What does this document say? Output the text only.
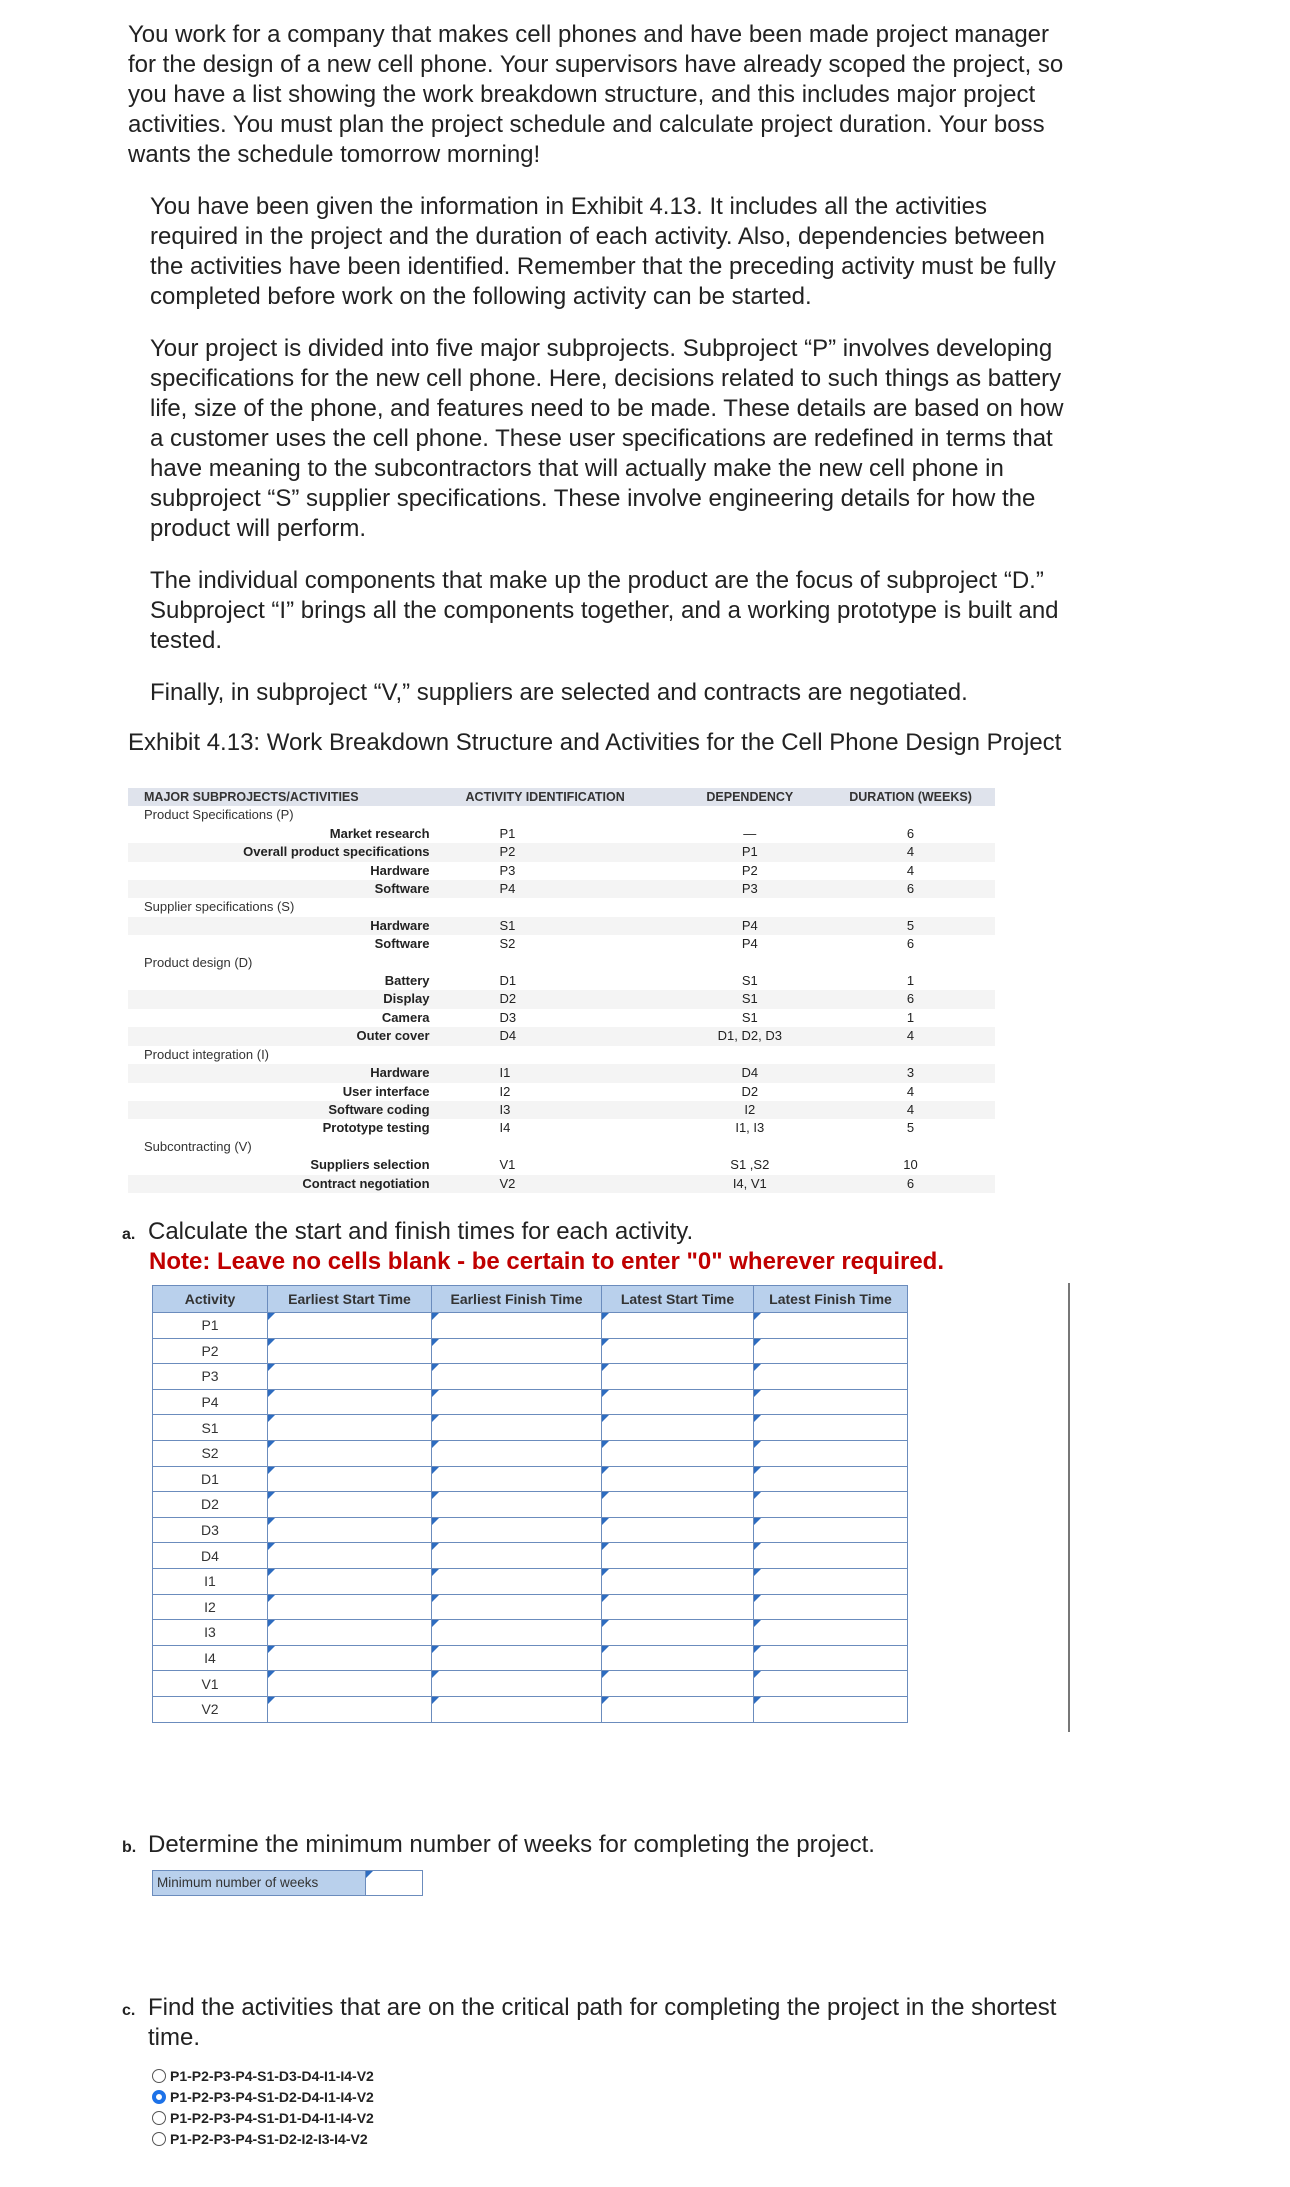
You work for a company that makes cell phones and have been made project manager
for the design of a new cell phone. Your supervisors have already scoped the project, so
you have a list showing the work breakdown structure, and this includes major project
activities. You must plan the project schedule and calculate project duration. Your boss
wants the schedule tomorrow morning!

You have been given the information in Exhibit 4.13. It includes all the activities
required in the project and the duration of each activity. Also, dependencies between
the activities have been identified. Remember that the preceding activity must be fully
completed before work on the following activity can be started.

Your project is divided into five major subprojects. Subproject “P” involves developing
specifications for the new cell phone. Here, decisions related to such things as battery
life, size of the phone, and features need to be made. These details are based on how
a customer uses the cell phone. These user specifications are redefined in terms that
have meaning to the subcontractors that will actually make the new cell phone in
subproject “S” supplier specifications. These involve engineering details for how the
product will perform.

The individual components that make up the product are the focus of subproject “D.”
Subproject “I” brings all the components together, and a working prototype is built and
tested.

Finally, in subproject “V,” suppliers are selected and contracts are negotiated.

Exhibit 4.13: Work Breakdown Structure and Activities for the Cell Phone Design Project

MAJOR SUBPROJECTS/ACTIVITIES	ACTIVITY IDENTIFICATION	DEPENDENCY	DURATION (WEEKS)
Product Specifications (P)			
Market research	P1	—	6
Overall product specifications	P2	P1	4
Hardware	P3	P2	4
Software	P4	P3	6
Supplier specifications (S)			
Hardware	S1	P4	5
Software	S2	P4	6
Product design (D)			
Battery	D1	S1	1
Display	D2	S1	6
Camera	D3	S1	1
Outer cover	D4	D1, D2, D3	4
Product integration (I)			
Hardware	I1	D4	3
User interface	I2	D2	4
Software coding	I3	I2	4
Prototype testing	I4	I1, I3	5
Subcontracting (V)			
Suppliers selection	V1	S1 ,S2	10
Contract negotiation	V2	I4, V1	6
a. Calculate the start and finish times for each activity.
Note: Leave no cells blank - be certain to enter "0" wherever required.
Activity	Earliest Start Time	Earliest Finish Time	Latest Start Time	Latest Finish Time
P1				
P2				
P3				
P4				
S1				
S2				
D1				
D2				
D3				
D4				
I1				
I2				
I3				
I4				
V1				
V2				
b. Determine the minimum number of weeks for completing the project.
Minimum number of weeks
c. Find the activities that are on the critical path for completing the project in the shortest time.
P1-P2-P3-P4-S1-D3-D4-I1-I4-V2
P1-P2-P3-P4-S1-D2-D4-I1-I4-V2
P1-P2-P3-P4-S1-D1-D4-I1-I4-V2
P1-P2-P3-P4-S1-D2-I2-I3-I4-V2
